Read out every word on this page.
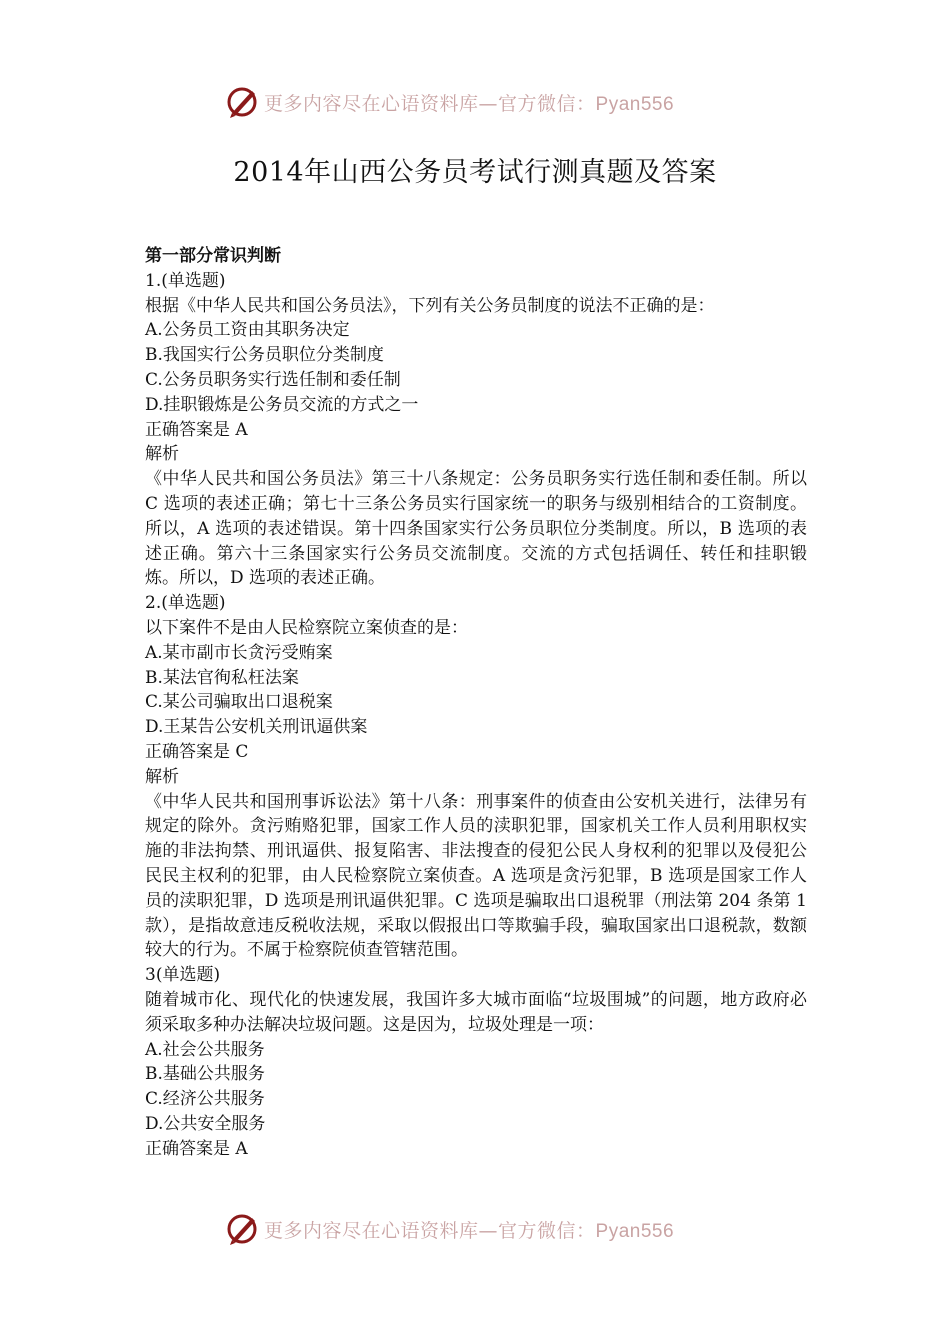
更多内容尽在心语资料库—官方微信：Pyan556
2014年山西公务员考试行测真题及答案

第一部分常识判断

1.(单选题)

根据《中华人民共和国公务员法》，下列有关公务员制度的说法不正确的是：

A.公务员工资由其职务决定

B.我国实行公务员职位分类制度

C.公务员职务实行选任制和委任制

D.挂职锻炼是公务员交流的方式之一

正确答案是 A

解析

《中华人民共和国公务员法》第三十八条规定：公务员职务实行选任制和委任制。所以 C 选项的表述正确；第七十三条公务员实行国家统一的职务与级别相结合的工资制度。所以，A 选项的表述错误。第十四条国家实行公务员职位分类制度。所以，B 选项的表述正确。第六十三条国家实行公务员交流制度。交流的方式包括调任、转任和挂职锻炼。所以，D 选项的表述正确。

2.(单选题)

以下案件不是由人民检察院立案侦查的是：

A.某市副市长贪污受贿案

B.某法官徇私枉法案

C.某公司骗取出口退税案

D.王某告公安机关刑讯逼供案

正确答案是 C

解析

《中华人民共和国刑事诉讼法》第十八条：刑事案件的侦查由公安机关进行，法律另有规定的除外。贪污贿赂犯罪，国家工作人员的渎职犯罪，国家机关工作人员利用职权实施的非法拘禁、刑讯逼供、报复陷害、非法搜查的侵犯公民人身权利的犯罪以及侵犯公民民主权利的犯罪，由人民检察院立案侦查。A 选项是贪污犯罪，B 选项是国家工作人员的渎职犯罪，D 选项是刑讯逼供犯罪。C 选项是骗取出口退税罪（刑法第 204 条第 1 款），是指故意违反税收法规，采取以假报出口等欺骗手段，骗取国家出口退税款，数额较大的行为。不属于检察院侦查管辖范围。

3(单选题)

随着城市化、现代化的快速发展，我国许多大城市面临“垃圾围城”的问题，地方政府必须采取多种办法解决垃圾问题。这是因为，垃圾处理是一项：

A.社会公共服务

B.基础公共服务

C.经济公共服务

D.公共安全服务

正确答案是 A

更多内容尽在心语资料库—官方微信：Pyan556
